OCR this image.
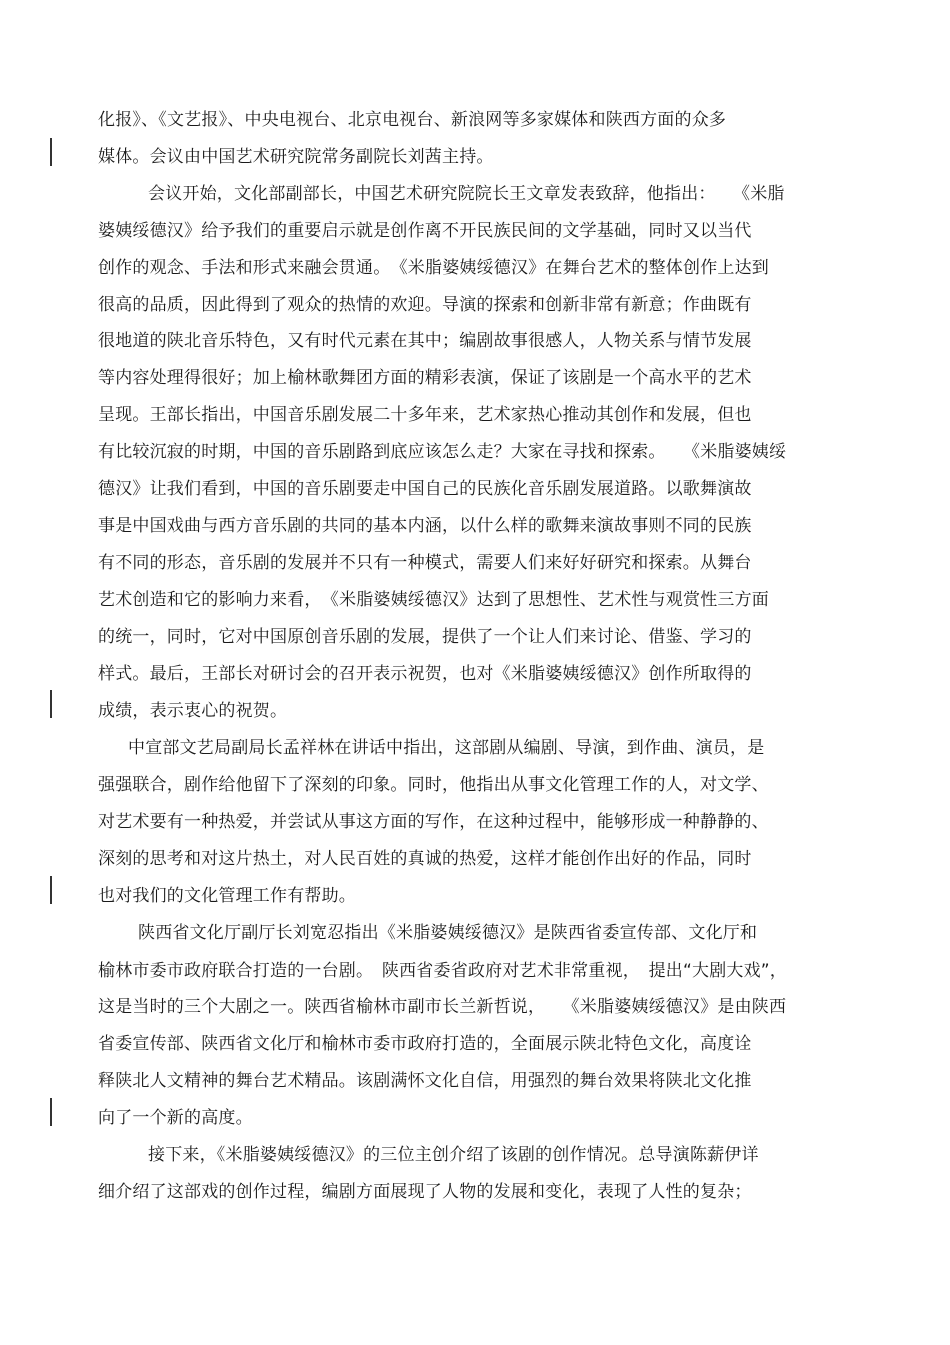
化报》、《文艺报》、中央电视台、北京电视台、新浪网等多家媒体和陕西方面的众多
媒体。会议由中国艺术研究院常务副院长刘茜主持。
会议开始，文化部副部长，中国艺术研究院院长王文章发表致辞，他指出：　　《米脂
婆姨绥德汉》给予我们的重要启示就是创作离不开民族民间的文学基础，同时又以当代
创作的观念、手法和形式来融会贯通。　《米脂婆姨绥德汉》在舞台艺术的整体创作上达到
很高的品质，因此得到了观众的热情的欢迎。导演的探索和创新非常有新意；作曲既有
很地道的陕北音乐特色，又有时代元素在其中；编剧故事很感人，人物关系与情节发展
等内容处理得很好；加上榆林歌舞团方面的精彩表演，保证了该剧是一个高水平的艺术
呈现。王部长指出，中国音乐剧发展二十多年来，艺术家热心推动其创作和发展，但也
有比较沉寂的时期，中国的音乐剧路到底应该怎么走？大家在寻找和探索。　　《米脂婆姨绥
德汉》让我们看到，中国的音乐剧要走中国自己的民族化音乐剧发展道路。以歌舞演故
事是中国戏曲与西方音乐剧的共同的基本内涵，以什么样的歌舞来演故事则不同的民族
有不同的形态，音乐剧的发展并不只有一种模式，需要人们来好好研究和探索。从舞台
艺术创造和它的影响力来看，　《米脂婆姨绥德汉》达到了思想性、艺术性与观赏性三方面
的统一，同时，它对中国原创音乐剧的发展，提供了一个让人们来讨论、借鉴、学习的
样式。最后，王部长对研讨会的召开表示祝贺，也对《米脂婆姨绥德汉》创作所取得的
成绩，表示衷心的祝贺。
中宣部文艺局副局长孟祥林在讲话中指出，这部剧从编剧、导演，到作曲、演员，是
强强联合，剧作给他留下了深刻的印象。同时，他指出从事文化管理工作的人，对文学、
对艺术要有一种热爱，并尝试从事这方面的写作，在这种过程中，能够形成一种静静的、
深刻的思考和对这片热土，对人民百姓的真诚的热爱，这样才能创作出好的作品，同时
也对我们的文化管理工作有帮助。
陕西省文化厅副厅长刘宽忍指出《米脂婆姨绥德汉》是陕西省委宣传部、文化厅和
榆林市委市政府联合打造的一台剧。　陕西省委省政府对艺术非常重视，　提出“大剧大戏”，
这是当时的三个大剧之一。陕西省榆林市副市长兰新哲说，　　《米脂婆姨绥德汉》是由陕西
省委宣传部、陕西省文化厅和榆林市委市政府打造的，全面展示陕北特色文化，高度诠
释陕北人文精神的舞台艺术精品。该剧满怀文化自信，用强烈的舞台效果将陕北文化推
向了一个新的高度。
接下来，《米脂婆姨绥德汉》的三位主创介绍了该剧的创作情况。总导演陈薪伊详
细介绍了这部戏的创作过程，编剧方面展现了人物的发展和变化，表现了人性的复杂；
